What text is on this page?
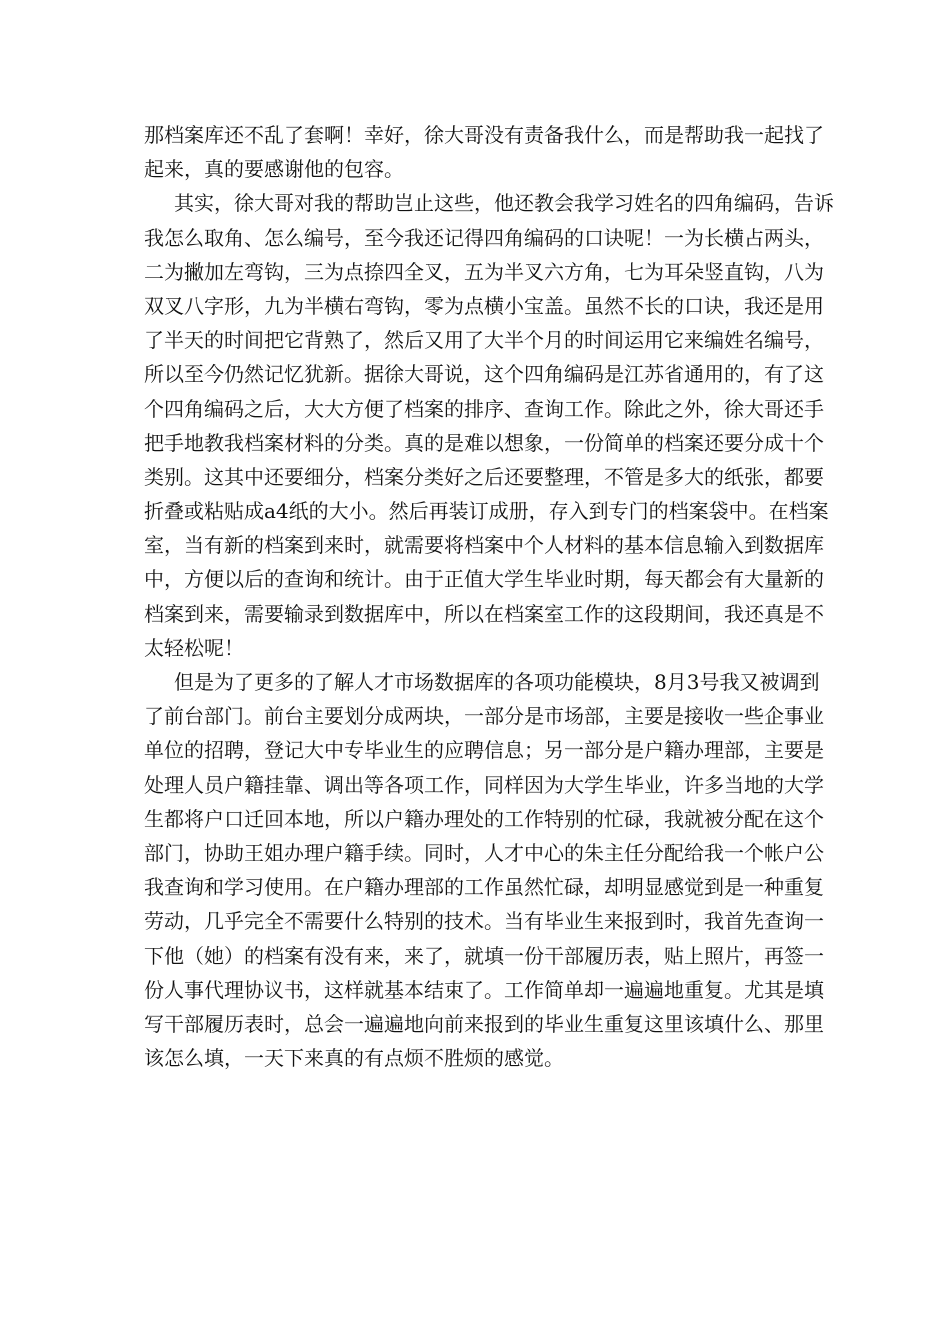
那档案库还不乱了套啊！幸好，徐大哥没有责备我什么，而是帮助我一起找了
起来，真的要感谢他的包容。
其实，徐大哥对我的帮助岂止这些，他还教会我学习姓名的四角编码，告诉
我怎么取角、怎么编号，至今我还记得四角编码的口诀呢！一为长横占两头，
二为撇加左弯钩，三为点捺四全叉，五为半叉六方角，七为耳朵竖直钩，八为
双叉八字形，九为半横右弯钩，零为点横小宝盖。虽然不长的口诀，我还是用
了半天的时间把它背熟了，然后又用了大半个月的时间运用它来编姓名编号，
所以至今仍然记忆犹新。据徐大哥说，这个四角编码是江苏省通用的，有了这
个四角编码之后，大大方便了档案的排序、查询工作。除此之外，徐大哥还手
把手地教我档案材料的分类。真的是难以想象，一份简单的档案还要分成十个
类别。这其中还要细分，档案分类好之后还要整理，不管是多大的纸张，都要
折叠或粘贴成a4纸的大小。然后再装订成册，存入到专门的档案袋中。在档案
室，当有新的档案到来时，就需要将档案中个人材料的基本信息输入到数据库
中，方便以后的查询和统计。由于正值大学生毕业时期，每天都会有大量新的
档案到来，需要输录到数据库中，所以在档案室工作的这段期间，我还真是不
太轻松呢！
但是为了更多的了解人才市场数据库的各项功能模块，8月3号我又被调到
了前台部门。前台主要划分成两块，一部分是市场部，主要是接收一些企事业
单位的招聘，登记大中专毕业生的应聘信息；另一部分是户籍办理部，主要是
处理人员户籍挂靠、调出等各项工作，同样因为大学生毕业，许多当地的大学
生都将户口迁回本地，所以户籍办理处的工作特别的忙碌，我就被分配在这个
部门，协助王姐办理户籍手续。同时，人才中心的朱主任分配给我一个帐户公
我查询和学习使用。在户籍办理部的工作虽然忙碌，却明显感觉到是一种重复
劳动，几乎完全不需要什么特别的技术。当有毕业生来报到时，我首先查询一
下他（她）的档案有没有来，来了，就填一份干部履历表，贴上照片，再签一
份人事代理协议书，这样就基本结束了。工作简单却一遍遍地重复。尤其是填
写干部履历表时，总会一遍遍地向前来报到的毕业生重复这里该填什么、那里
该怎么填，一天下来真的有点烦不胜烦的感觉。
